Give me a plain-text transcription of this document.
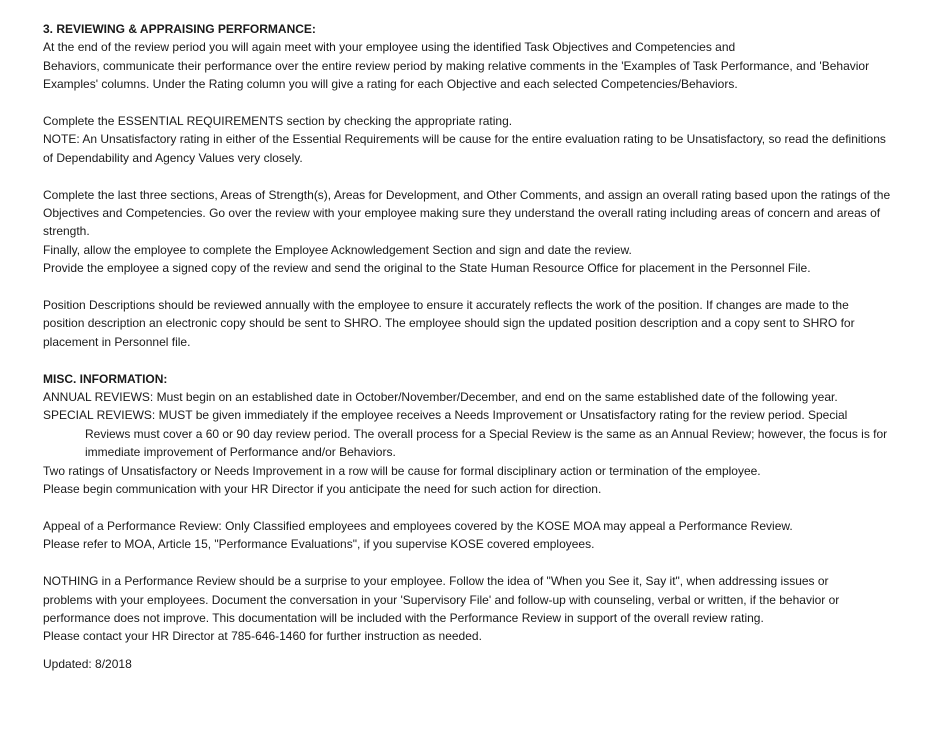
3. REVIEWING & APPRAISING PERFORMANCE:
At the end of the review period you will again meet with your employee using the identified Task Objectives and Competencies and
Behaviors, communicate their performance over the entire review period by making relative comments in the 'Examples of Task Performance, and 'Behavior
Examples' columns. Under the Rating column you will give a rating for each Objective and each selected Competencies/Behaviors.
Complete the ESSENTIAL REQUIREMENTS section by checking the appropriate rating.
NOTE: An Unsatisfactory rating in either of the Essential Requirements will be cause for the entire evaluation rating to be Unsatisfactory, so read the definitions
of Dependability and Agency Values very closely.
Complete the last three sections, Areas of Strength(s), Areas for Development, and Other Comments, and assign an overall rating based upon the ratings of the
Objectives and Competencies. Go over the review with your employee making sure they understand the overall rating including areas of concern and areas of
strength.
Finally, allow the employee to complete the Employee Acknowledgement Section and sign and date the review.
Provide the employee a signed copy of the review and send the original to the State Human Resource Office for placement in the Personnel File.
Position Descriptions should be reviewed annually with the employee to ensure it accurately reflects the work of the position. If changes are made to the
position description an electronic copy should be sent to SHRO. The employee should sign the updated position description and a copy sent to SHRO for
placement in Personnel file.
MISC. INFORMATION:
ANNUAL REVIEWS: Must begin on an established date in October/November/December, and end on the same established date of the following year.
SPECIAL REVIEWS: MUST be given immediately if the employee receives a Needs Improvement or Unsatisfactory rating for the review period. Special
Reviews must cover a 60 or 90 day review period. The overall process for a Special Review is the same as an Annual Review; however, the focus is for
immediate improvement of Performance and/or Behaviors.
Two ratings of Unsatisfactory or Needs Improvement in a row will be cause for formal disciplinary action or termination of the employee.
Please begin communication with your HR Director if you anticipate the need for such action for direction.
Appeal of a Performance Review: Only Classified employees and employees covered by the KOSE MOA may appeal a Performance Review.
Please refer to MOA, Article 15, "Performance Evaluations", if you supervise KOSE covered employees.
NOTHING in a Performance Review should be a surprise to your employee. Follow the idea of "When you See it, Say it", when addressing issues or
problems with your employees. Document the conversation in your 'Supervisory File' and follow-up with counseling, verbal or written, if the behavior or
performance does not improve. This documentation will be included with the Performance Review in support of the overall review rating.
Please contact your HR Director at 785-646-1460 for further instruction as needed.
Updated: 8/2018
